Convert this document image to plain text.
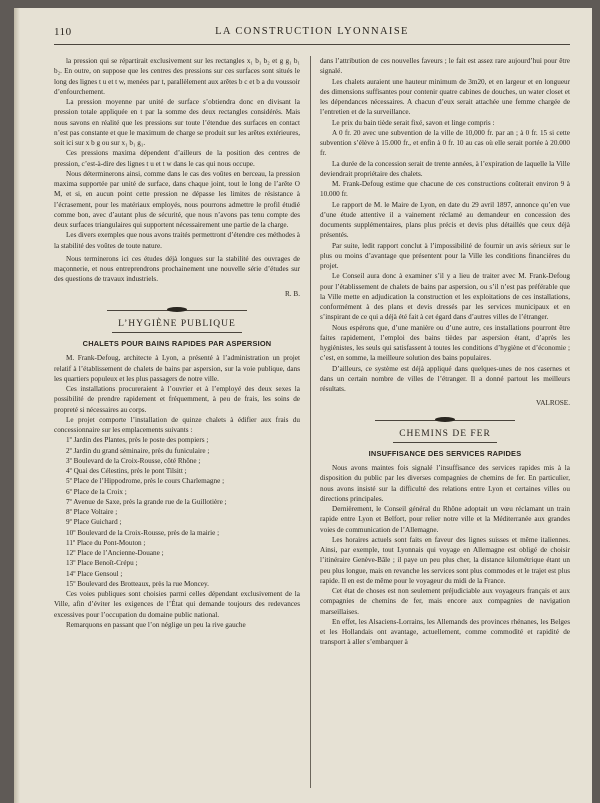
110	LA CONSTRUCTION LYONNAISE

la pression qui se répartirait exclusivement sur les rectangles x₁ b₁ b₂ et g g₁ b₁ b₂. En outre, on suppose que les centres des pressions sur ces surfaces sont situés le long des lignes t u et t w, menées par t, parallèlement aux arêtes b c et b a du voussoir d’enfourchement.

La pression moyenne par unité de surface s’obtiendra donc en divisant la pression totale appliquée en t par la somme des deux rectangles considérés. Mais nous savons en réalité que les pressions sur toute l’étendue des surfaces en contact n’est pas constante et que le maximum de charge se produit sur les arêtes extérieures, soit ici sur x b g ou sur x₁ b₁ g₁.

Ces pressions maxima dépendent d’ailleurs de la position des centres de pression, c’est-à-dire des lignes t u et t w dans le cas qui nous occupe.

Nous déterminerons ainsi, comme dans le cas des voûtes en berceau, la pression maxima supportée par unité de surface, dans chaque joint, tout le long de l’arête O M, et si, en aucun point cette pression ne dépasse les limites de résistance à l’écrasement, pour les matériaux employés, nous pourrons admettre le profil étudié comme bon, avec d’autant plus de sécurité, que nous n’avons pas tenu compte des deux surfaces triangulaires qui supportent nécessairement une partie de la charge.

Les divers exemples que nous avons traités permettront d’étendre ces méthodes à la stabilité des voûtes de toute nature.

Nous terminerons ici ces études déjà longues sur la stabilité des ouvrages de maçonnerie, et nous entreprendrons prochainement une nouvelle série d’études sur des questions de travaux industriels.

R. B.

L’HYGIÈNE PUBLIQUE

CHALETS POUR BAINS RAPIDES PAR ASPERSION

M. Frank-Defoug, architecte à Lyon, a présenté à l’administration un projet relatif à l’établissement de chalets de bains par aspersion, sur la voie publique, dans les quartiers populeux et les plus passagers de notre ville.

Ces installations procureraient à l’ouvrier et à l’employé des deux sexes la possibilité de prendre rapidement et fréquemment, à peu de frais, les soins de propreté si nécessaires au corps.

Le projet comporte l’installation de quinze chalets à édifier aux frais du concessionnaire sur les emplacements suivants :

1º Jardin des Plantes, près le poste des pompiers ;

2º Jardin du grand séminaire, près du funiculaire ;

3º Boulevard de la Croix-Rousse, côté Rhône ;

4º Quai des Célestins, près le pont Tilsitt ;

5º Place de l’Hippodrome, près le cours Charlemagne ;

6º Place de la Croix ;

7º Avenue de Saxe, près la grande rue de la Guillotière ;

8º Place Voltaire ;

9º Place Guichard ;

10º Boulevard de la Croix-Rousse, près de la mairie ;

11º Place du Pont-Mouton ;

12º Place de l’Ancienne-Douane ;

13º Place Benoît-Crépu ;

14º Place Gensoul ;

15º Boulevard des Brotteaux, près la rue Moncey.

Ces voies publiques sont choisies parmi celles dépendant exclusivement de la Ville, afin d’éviter les exigences de l’État qui demande toujours des redevances excessives pour l’occupation du domaine public national.

Remarquons en passant que l’on néglige un peu la rive gauche

dans l’attribution de ces nouvelles faveurs ; le fait est assez rare aujourd’hui pour être signalé.

Les chalets auraient une hauteur minimum de 3m20, et en largeur et en longueur des dimensions suffisantes pour contenir quatre cabines de douches, un water closet et les dépendances nécessaires. A chacun d’eux serait attachée une femme chargée de l’entretien et de la surveillance.

Le prix du bain tiède serait fixé, savon et linge compris :

A 0 fr. 20 avec une subvention de la ville de 10,000 fr. par an ; à 0 fr. 15 si cette subvention s’élève à 15.000 fr., et enfin à 0 fr. 10 au cas où elle serait portée à 20.000 fr.

La durée de la concession serait de trente années, à l’expiration de laquelle la Ville deviendrait propriétaire des chalets.

M. Frank-Defoug estime que chacune de ces constructions coûterait environ 9 à 10.000 fr.

Le rapport de M. le Maire de Lyon, en date du 29 avril 1897, annonce qu’en vue d’une étude attentive il a vainement réclamé au demandeur en concession des documents supplémentaires, plans plus précis et devis plus détaillés que ceux déjà présentés.

Par suite, ledit rapport conclut à l’impossibilité de fournir un avis sérieux sur le plus ou moins d’avantage que présentent pour la Ville les conditions financières du projet.

Le Conseil aura donc à examiner s’il y a lieu de traiter avec M. Frank-Defoug pour l’établissement de chalets de bains par aspersion, ou s’il n’est pas préférable que la Ville mette en adjudication la construction et les exploitations de ces installations, conformément à des plans et devis dressés par les services municipaux et en s’inspirant de ce qui a déjà été fait à cet égard dans d’autres villes de l’étranger.

Nous espérons que, d’une manière ou d’une autre, ces installations pourront être faites rapidement, l’emploi des bains tièdes par aspersion étant, d’après les hygiénistes, les seuls qui satisfassent à toutes les conditions d’hygiène et d’économie ; c’est, en somme, la meilleure solution des bains populaires.

D’ailleurs, ce système est déjà appliqué dans quelques-unes de nos casernes et dans un certain nombre de villes de l’étranger. Il a donné partout les meilleurs résultats.

VALROSE.

CHEMINS DE FER

INSUFFISANCE DES SERVICES RAPIDES

Nous avons maintes fois signalé l’insuffisance des services rapides mis à la disposition du public par les diverses compagnies de chemins de fer. En particulier, nous avons insisté sur la difficulté des relations entre Lyon et certaines villes ou directions principales.

Dernièrement, le Conseil général du Rhône adoptait un vœu réclamant un train rapide entre Lyon et Belfort, pour relier notre ville et la Méditerranée aux grandes voies de communication de l’Allemagne.

Les horaires actuels sont faits en faveur des lignes suisses et même italiennes. Ainsi, par exemple, tout Lyonnais qui voyage en Allemagne est obligé de choisir l’itinéraire Genève-Bâle ; il paye un peu plus cher, la distance kilométrique étant un peu plus longue, mais en revanche les services sont plus commodes et le trajet est plus rapide. Il en est de même pour le voyageur du midi de la France.

Cet état de choses est non seulement préjudiciable aux voyageurs français et aux compagnies de chemins de fer, mais encore aux compagnies de navigation marseillaises.

En effet, les Alsaciens-Lorrains, les Allemands des provinces rhénanes, les Belges et les Hollandais ont avantage, actuellement, comme commodité et rapidité de transport à aller s’embarquer à
